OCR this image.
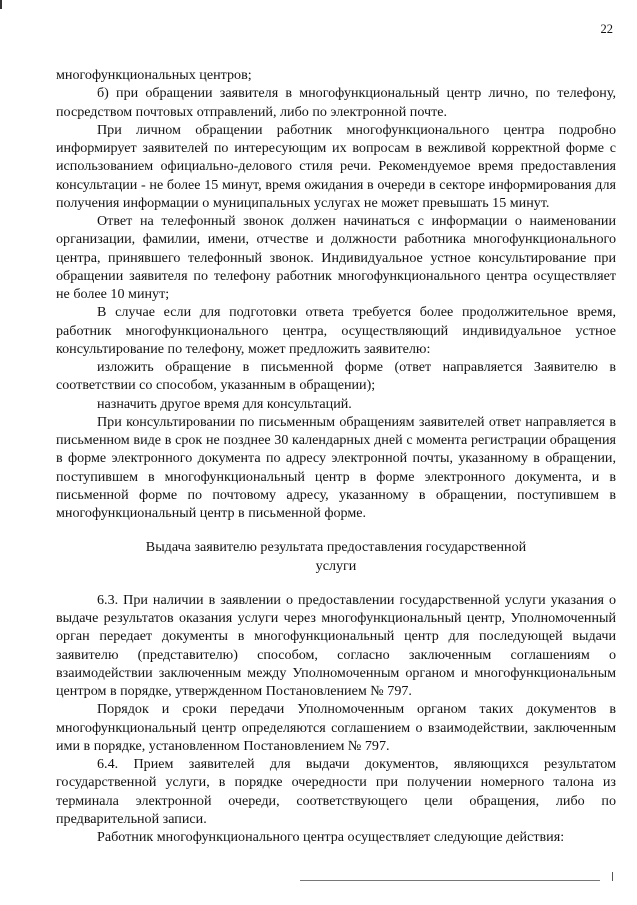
22

многофункциональных центров;

б) при обращении заявителя в многофункциональный центр лично, по телефону, посредством почтовых отправлений, либо по электронной почте.

При личном обращении работник многофункционального центра подробно информирует заявителей по интересующим их вопросам в вежливой корректной форме с использованием официально-делового стиля речи. Рекомендуемое время предоставления консультации - не более 15 минут, время ожидания в очереди в секторе информирования для получения информации о муниципальных услугах не может превышать 15 минут.

Ответ на телефонный звонок должен начинаться с информации о наименовании организации, фамилии, имени, отчестве и должности работника многофункционального центра, принявшего телефонный звонок. Индивидуальное устное консультирование при обращении заявителя по телефону работник многофункционального центра осуществляет не более 10 минут;

В случае если для подготовки ответа требуется более продолжительное время, работник многофункционального центра, осуществляющий индивидуальное устное консультирование по телефону, может предложить заявителю:

изложить обращение в письменной форме (ответ направляется Заявителю в соответствии со способом, указанным в обращении);

назначить другое время для консультаций.

При консультировании по письменным обращениям заявителей ответ направляется в письменном виде в срок не позднее 30 календарных дней с момента регистрации обращения в форме электронного документа по адресу электронной почты, указанному в обращении, поступившем в многофункциональный центр в форме электронного документа, и в письменной форме по почтовому адресу, указанному в обращении, поступившем в многофункциональный центр в письменной форме.

Выдача заявителю результата предоставления государственной
услуги

6.3. При наличии в заявлении о предоставлении государственной услуги указания о выдаче результатов оказания услуги через многофункциональный центр, Уполномоченный орган передает документы в многофункциональный центр для последующей выдачи заявителю (представителю) способом, согласно заключенным соглашениям о взаимодействии заключенным между Уполномоченным органом и многофункциональным центром в порядке, утвержденном Постановлением № 797.

Порядок и сроки передачи Уполномоченным органом таких документов в многофункциональный центр определяются соглашением о взаимодействии, заключенным ими в порядке, установленном Постановлением № 797.

6.4. Прием заявителей для выдачи документов, являющихся результатом государственной услуги, в порядке очередности при получении номерного талона из терминала электронной очереди, соответствующего цели обращения, либо по предварительной записи.

Работник многофункционального центра осуществляет следующие действия:
